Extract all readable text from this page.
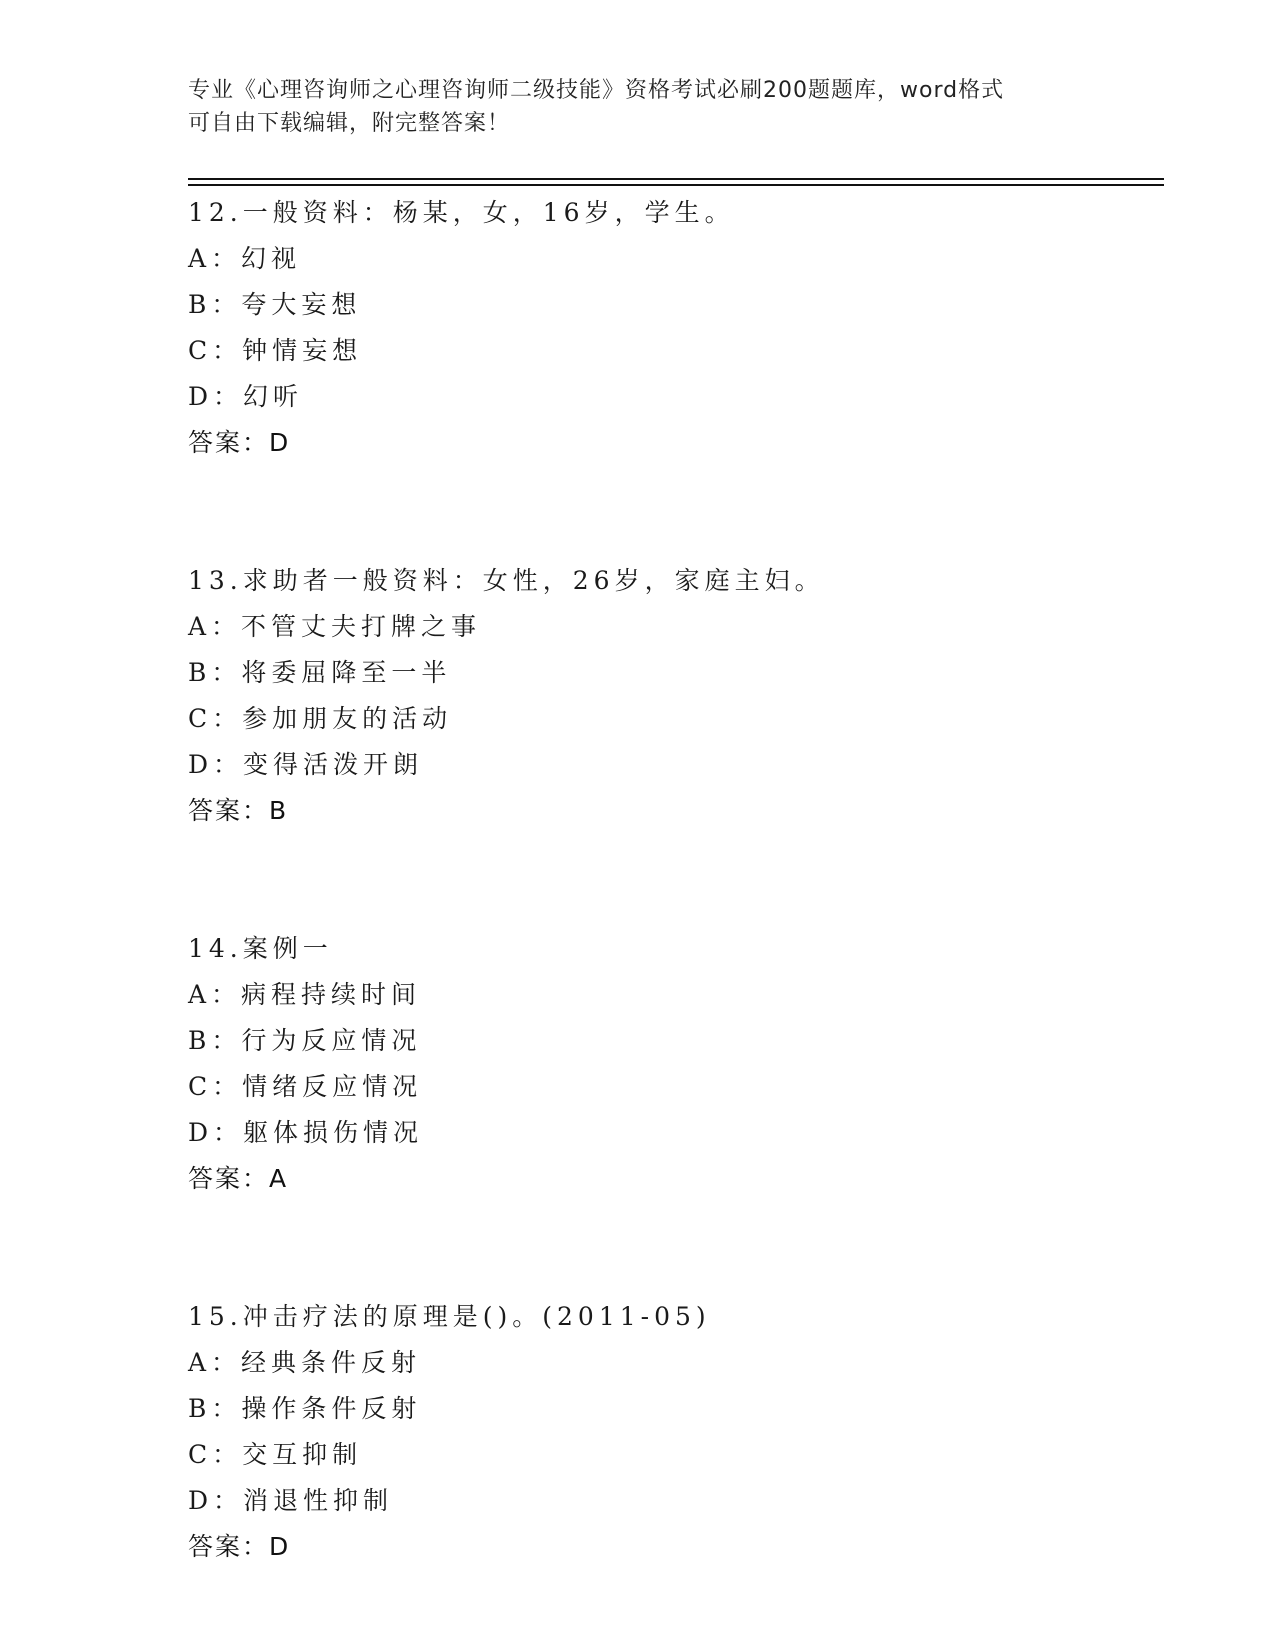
专业《心理咨询师之心理咨询师二级技能》资格考试必刷200题题库，word格式
可自由下载编辑，附完整答案！
12.一般资料：杨某，女，16岁，学生。
A：幻视
B：夸大妄想
C：钟情妄想
D：幻听
答案：D
13.求助者一般资料：女性，26岁，家庭主妇。
A：不管丈夫打牌之事
B：将委屈降至一半
C：参加朋友的活动
D：变得活泼开朗
答案：B
14.案例一
A：病程持续时间
B：行为反应情况
C：情绪反应情况
D：躯体损伤情况
答案：A
15.冲击疗法的原理是()。(2011-05)
A：经典条件反射
B：操作条件反射
C：交互抑制
D：消退性抑制
答案：D
